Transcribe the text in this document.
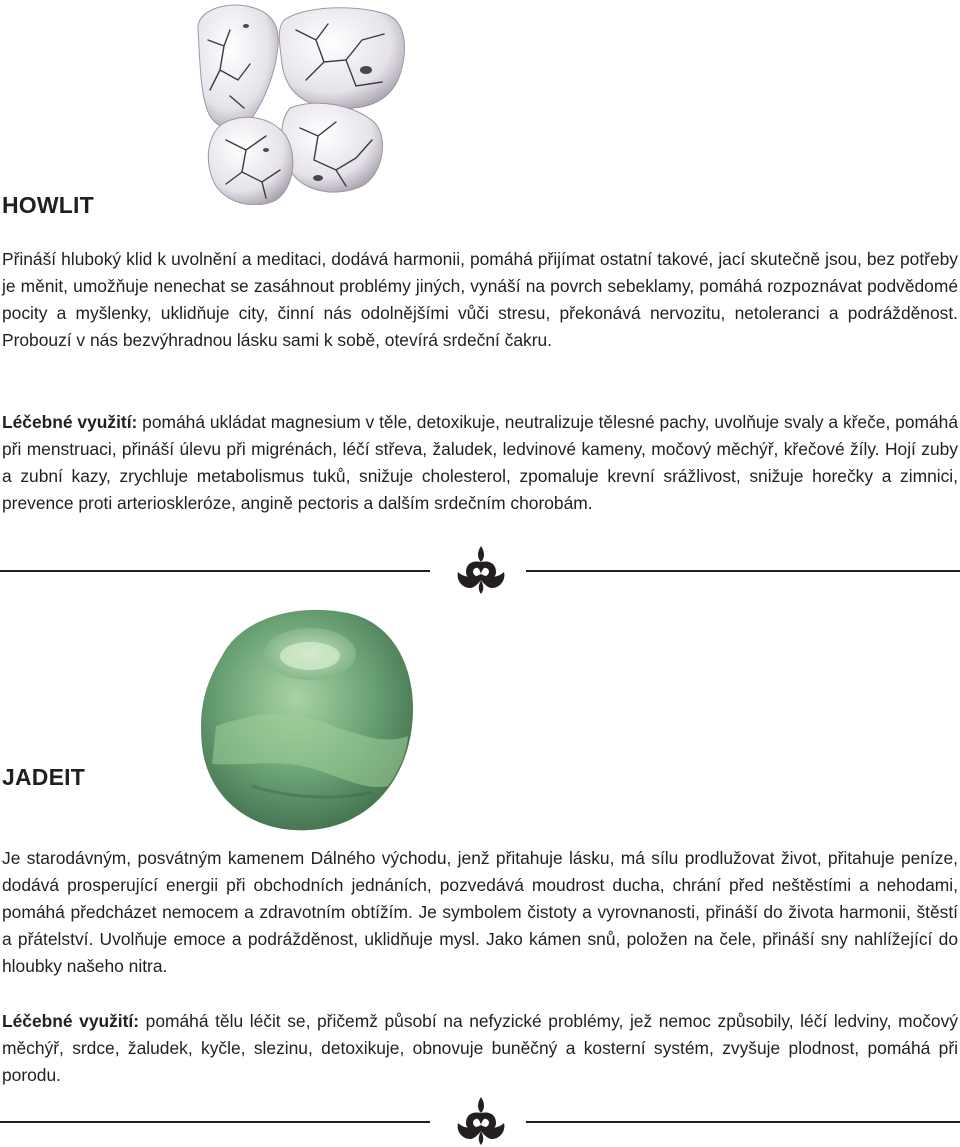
HOWLIT

Přináší hluboký klid k uvolnění a meditaci, dodává harmonii, pomáhá přijímat ostatní takové, jací skutečně jsou, bez potřeby je měnit, umožňuje nenechat se zasáhnout problémy jiných, vynáší na povrch sebeklamy, pomáhá rozpoznávat podvědomé pocity a myšlenky, uklidňuje city, činní nás odolnějšími vůči stresu, překonává nervozitu, netoleranci a podrážděnost. Probouzí v nás bezvýhradnou lásku sami k sobě, otevírá srdeční čakru.

Léčebné využití: pomáhá ukládat magnesium v těle, detoxikuje, neutralizuje tělesné pachy, uvolňuje svaly a křeče, pomáhá při menstruaci, přináší úlevu při migrénách, léčí střeva, žaludek, ledvinové kameny, močový měchýř, křečové žíly. Hojí zuby a zubní kazy, zrychluje metabolismus tuků, snižuje cholesterol, zpomaluje krevní srážlivost, snižuje horečky a zimnici, prevence proti arterioskleróze, angině pectoris a dalším srdečním chorobám.

JADEIT

Je starodávným, posvátným kamenem Dálného východu, jenž přitahuje lásku, má sílu prodlužovat život, přitahuje peníze, dodává prosperující energii při obchodních jednáních, pozvedává moudrost ducha, chrání před neštěstími a nehodami, pomáhá předcházet nemocem a zdravotním obtížím. Je symbolem čistoty a vyrovnanosti, přináší do života harmonii, štěstí a přátelství. Uvolňuje emoce a podrážděnost, uklidňuje mysl. Jako kámen snů, položen na čele, přináší sny nahlížející do hloubky našeho nitra.

Léčebné využití: pomáhá tělu léčit se, přičemž působí na nefyzické problémy, jež nemoc způsobily, léčí ledviny, močový měchýř, srdce, žaludek, kyčle, slezinu, detoxikuje, obnovuje buněčný a kosterní systém, zvyšuje plodnost, pomáhá při porodu.
